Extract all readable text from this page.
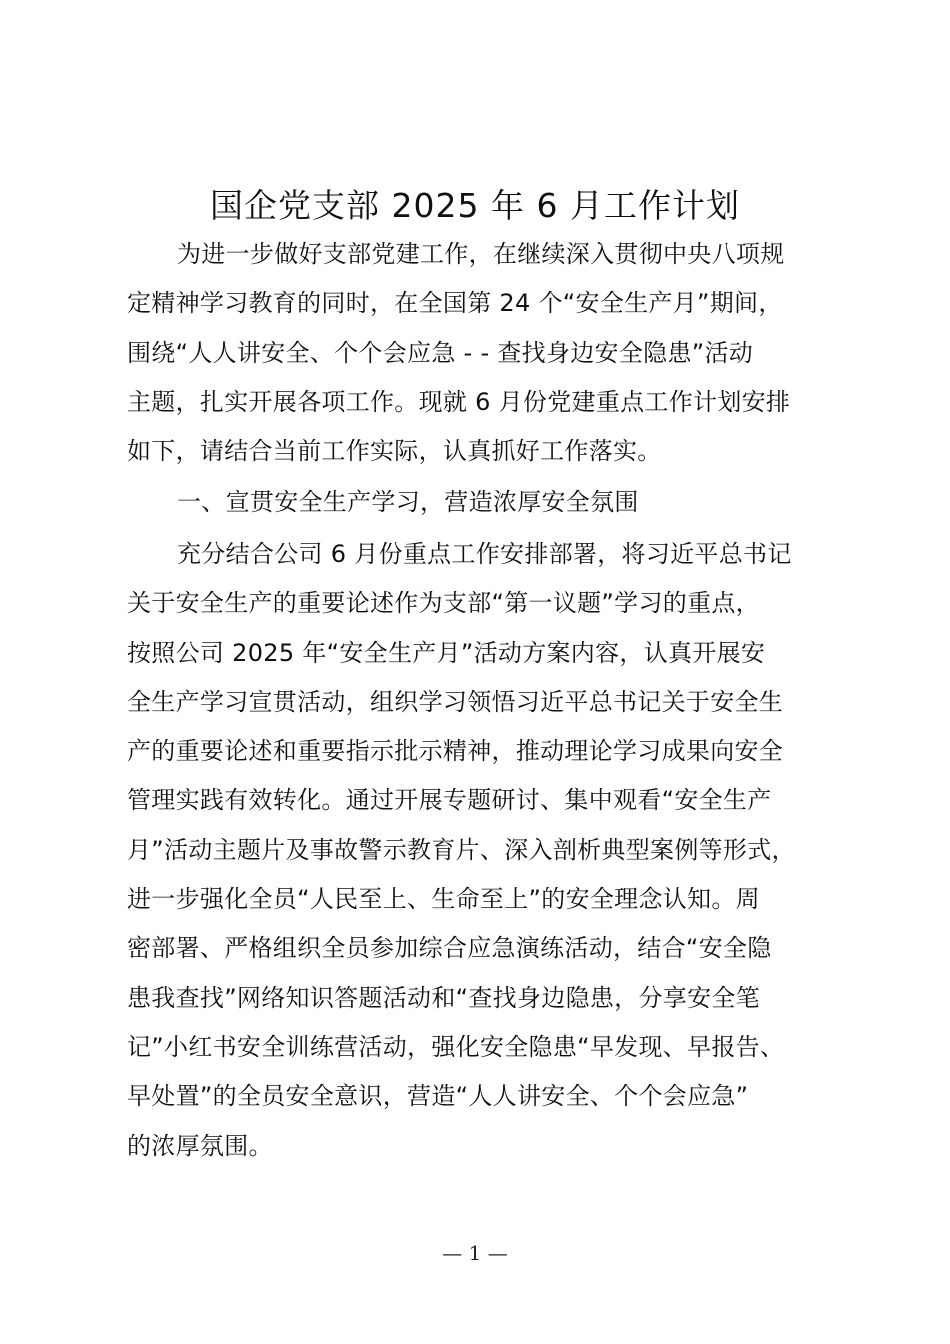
国企党支部 2025 年 6 月工作计划
为进一步做好支部党建工作，在继续深入贯彻中央八项规
定精神学习教育的同时，在全国第 24 个“安全生产月”期间，
围绕“人人讲安全、个个会应急 - - 查找身边安全隐患”活动
主题，扎实开展各项工作。现就 6 月份党建重点工作计划安排
如下，请结合当前工作实际，认真抓好工作落实。
一、宣贯安全生产学习，营造浓厚安全氛围
充分结合公司 6 月份重点工作安排部署，将习近平总书记
关于安全生产的重要论述作为支部“第一议题”学习的重点，
按照公司 2025 年“安全生产月”活动方案内容，认真开展安
全生产学习宣贯活动，组织学习领悟习近平总书记关于安全生
产的重要论述和重要指示批示精神，推动理论学习成果向安全
管理实践有效转化。通过开展专题研讨、集中观看“安全生产
月”活动主题片及事故警示教育片、深入剖析典型案例等形式，
进一步强化全员“人民至上、生命至上”的安全理念认知。周
密部署、严格组织全员参加综合应急演练活动，结合“安全隐
患我查找”网络知识答题活动和“查找身边隐患，分享安全笔
记”小红书安全训练营活动，强化安全隐患“早发现、早报告、
早处置”的全员安全意识，营造“人人讲安全、个个会应急”
的浓厚氛围。
— 1 —
